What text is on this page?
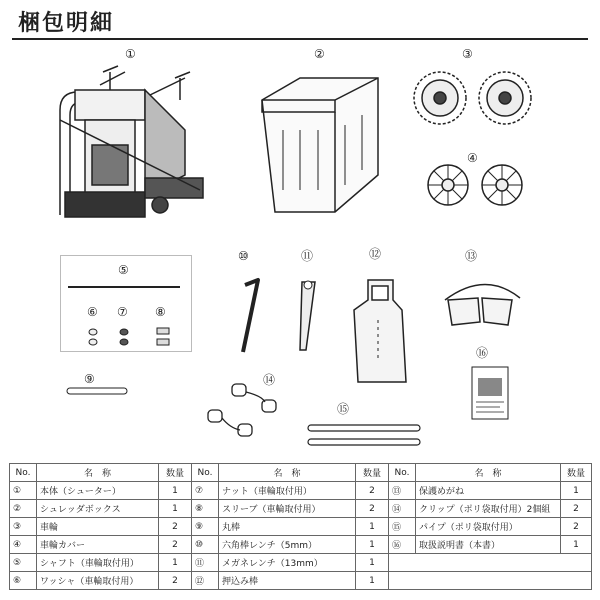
梱包明細
①	②	③
④
⑤
⑥ ⑦ ⑧
⑨
⑩	⑪	⑫	⑬
⑭
⑮
⑯
No.	名　称	数量	No.	名　称	数量	No.	名　称	数量
①	本体（シューター）	1	⑦	ナット（車輪取付用）	2	⑬	保護めがね	1
②	シュレッダボックス	1	⑧	スリーブ（車輪取付用）	2	⑭	クリップ（ポリ袋取付用）2個組	2
③	車輪	2	⑨	丸棒	1	⑮	パイプ（ポリ袋取付用）	2
④	車輪カバー	2	⑩	六角棒レンチ（5mm）	1	⑯	取扱説明書（本書）	1
⑤	シャフト（車輪取付用）	1	⑪	メガネレンチ（13mm）	1			
⑥	ワッシャ（車輪取付用）	2	⑫	押込み棒	1			
